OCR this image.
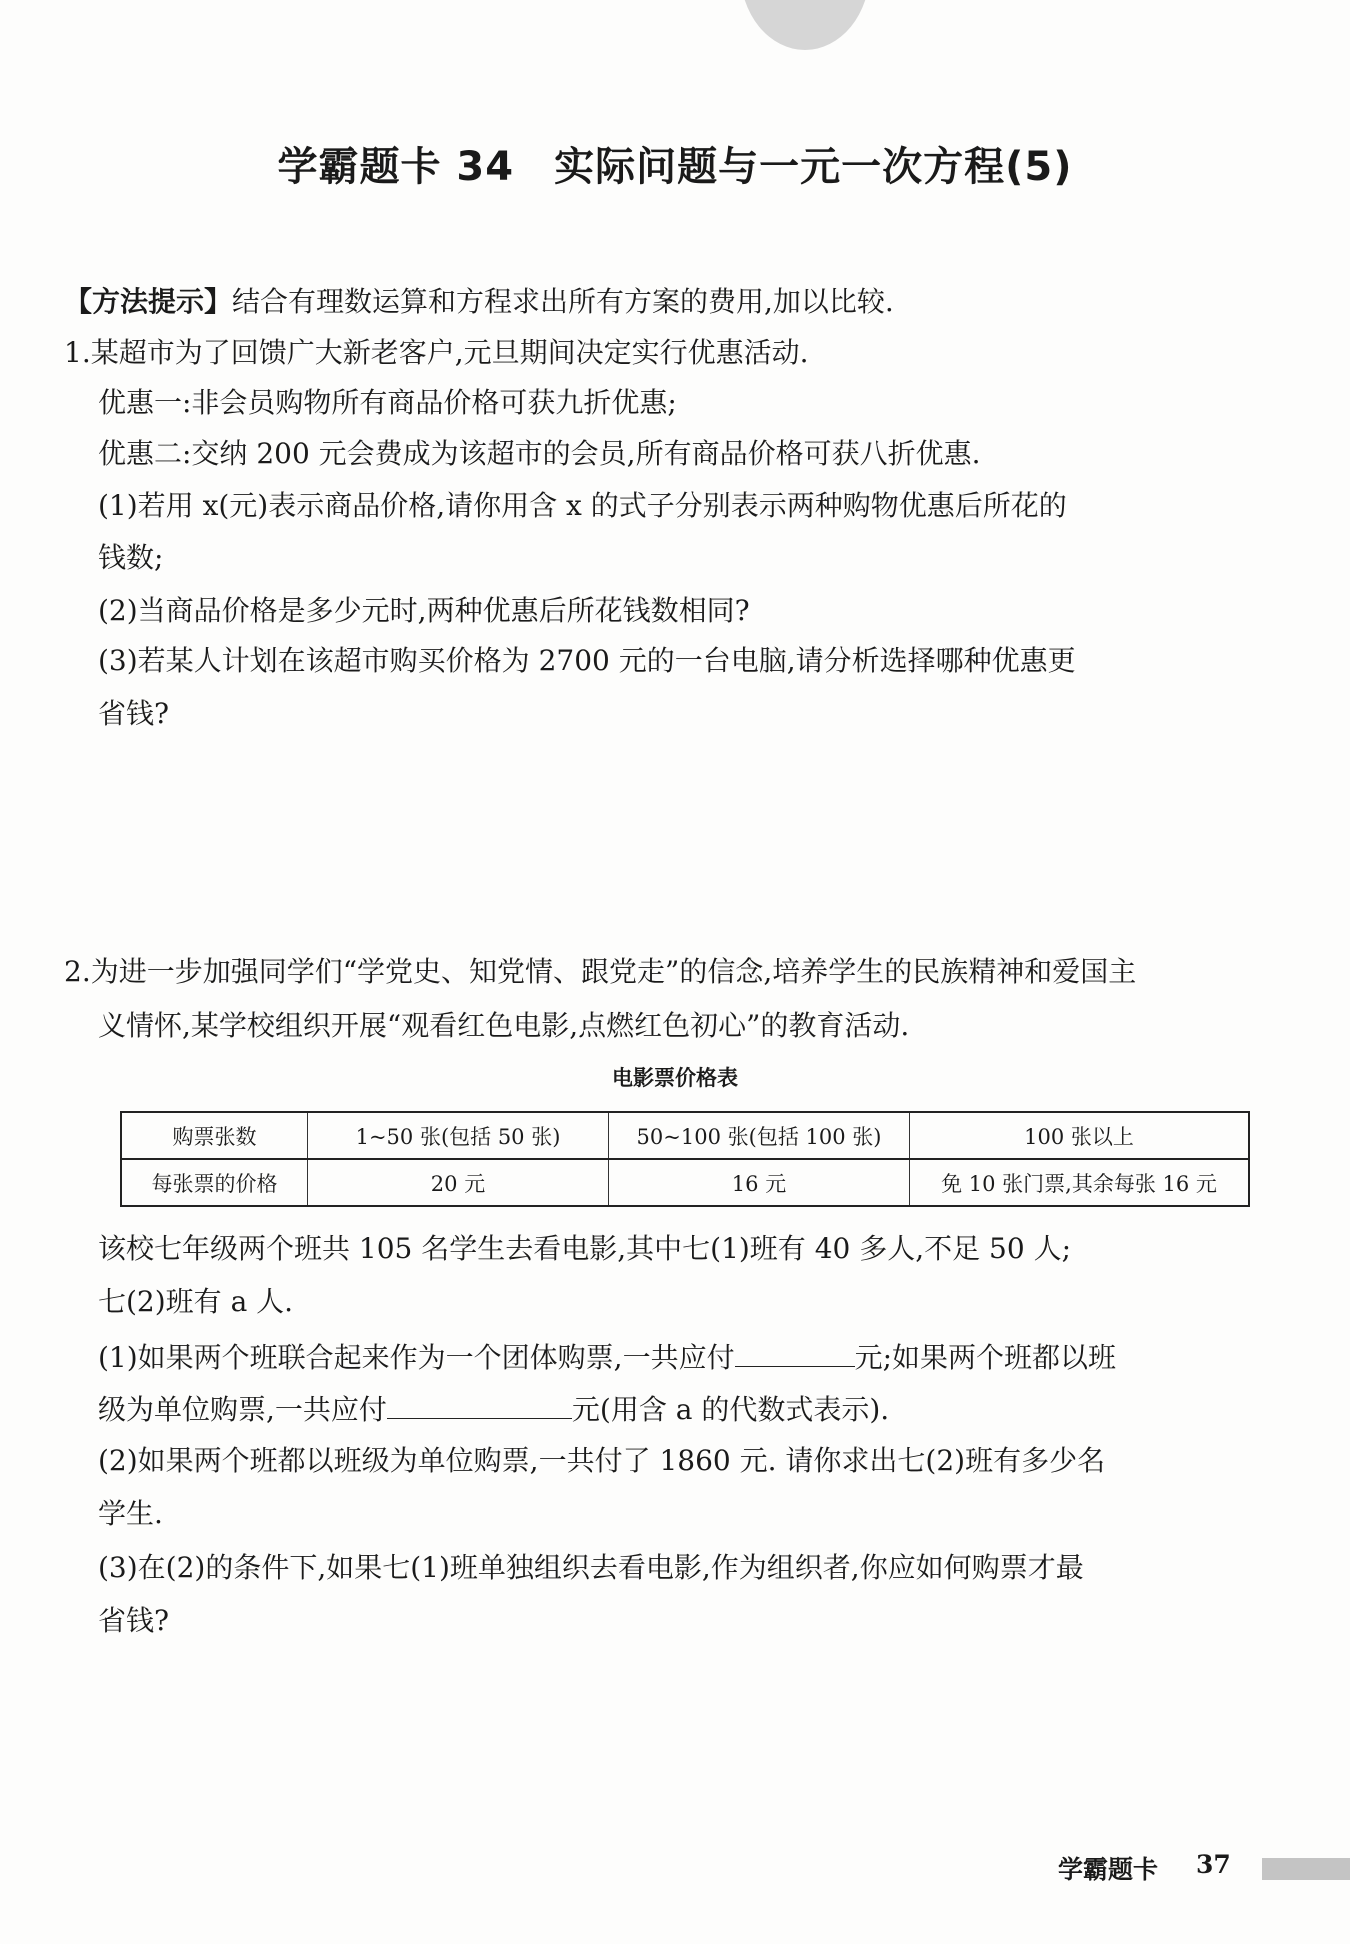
学霸题卡 34 实际问题与一元一次方程(5)
【方法提示】结合有理数运算和方程求出所有方案的费用,加以比较.
1.某超市为了回馈广大新老客户,元旦期间决定实行优惠活动.
优惠一:非会员购物所有商品价格可获九折优惠;
优惠二:交纳 200 元会费成为该超市的会员,所有商品价格可获八折优惠.
(1)若用 x(元)表示商品价格,请你用含 x 的式子分别表示两种购物优惠后所花的
钱数;
(2)当商品价格是多少元时,两种优惠后所花钱数相同?
(3)若某人计划在该超市购买价格为 2700 元的一台电脑,请分析选择哪种优惠更
省钱?
2.为进一步加强同学们“学党史、知党情、跟党走”的信念,培养学生的民族精神和爱国主
义情怀,某学校组织开展“观看红色电影,点燃红色初心”的教育活动.
电影票价格表
购票张数	1~50 张(包括 50 张)	50~100 张(包括 100 张)	100 张以上
每张票的价格	20 元	16 元	免 10 张门票,其余每张 16 元
该校七年级两个班共 105 名学生去看电影,其中七(1)班有 40 多人,不足 50 人;
七(2)班有 a 人.
(1)如果两个班联合起来作为一个团体购票,一共应付	元;如果两个班都以班
级为单位购票,一共应付	元(用含 a 的代数式表示).
(2)如果两个班都以班级为单位购票,一共付了 1860 元. 请你求出七(2)班有多少名
学生.
(3)在(2)的条件下,如果七(1)班单独组织去看电影,作为组织者,你应如何购票才最
省钱?
学霸题卡 37
